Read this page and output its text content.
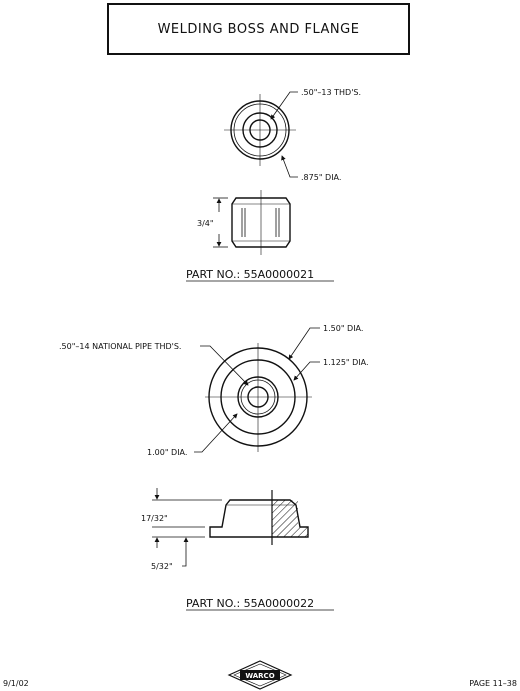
WELDING BOSS AND FLANGE
.50"–13 THD'S.
.875" DIA.
3/4"
PART NO.: 55A0000021
.50"–14 NATIONAL PIPE THD'S.
1.50" DIA.
1.125" DIA.
1.00" DIA.
17/32"
5/32"
PART NO.: 55A0000022
WARCO
9/1/02	PAGE 11–38
